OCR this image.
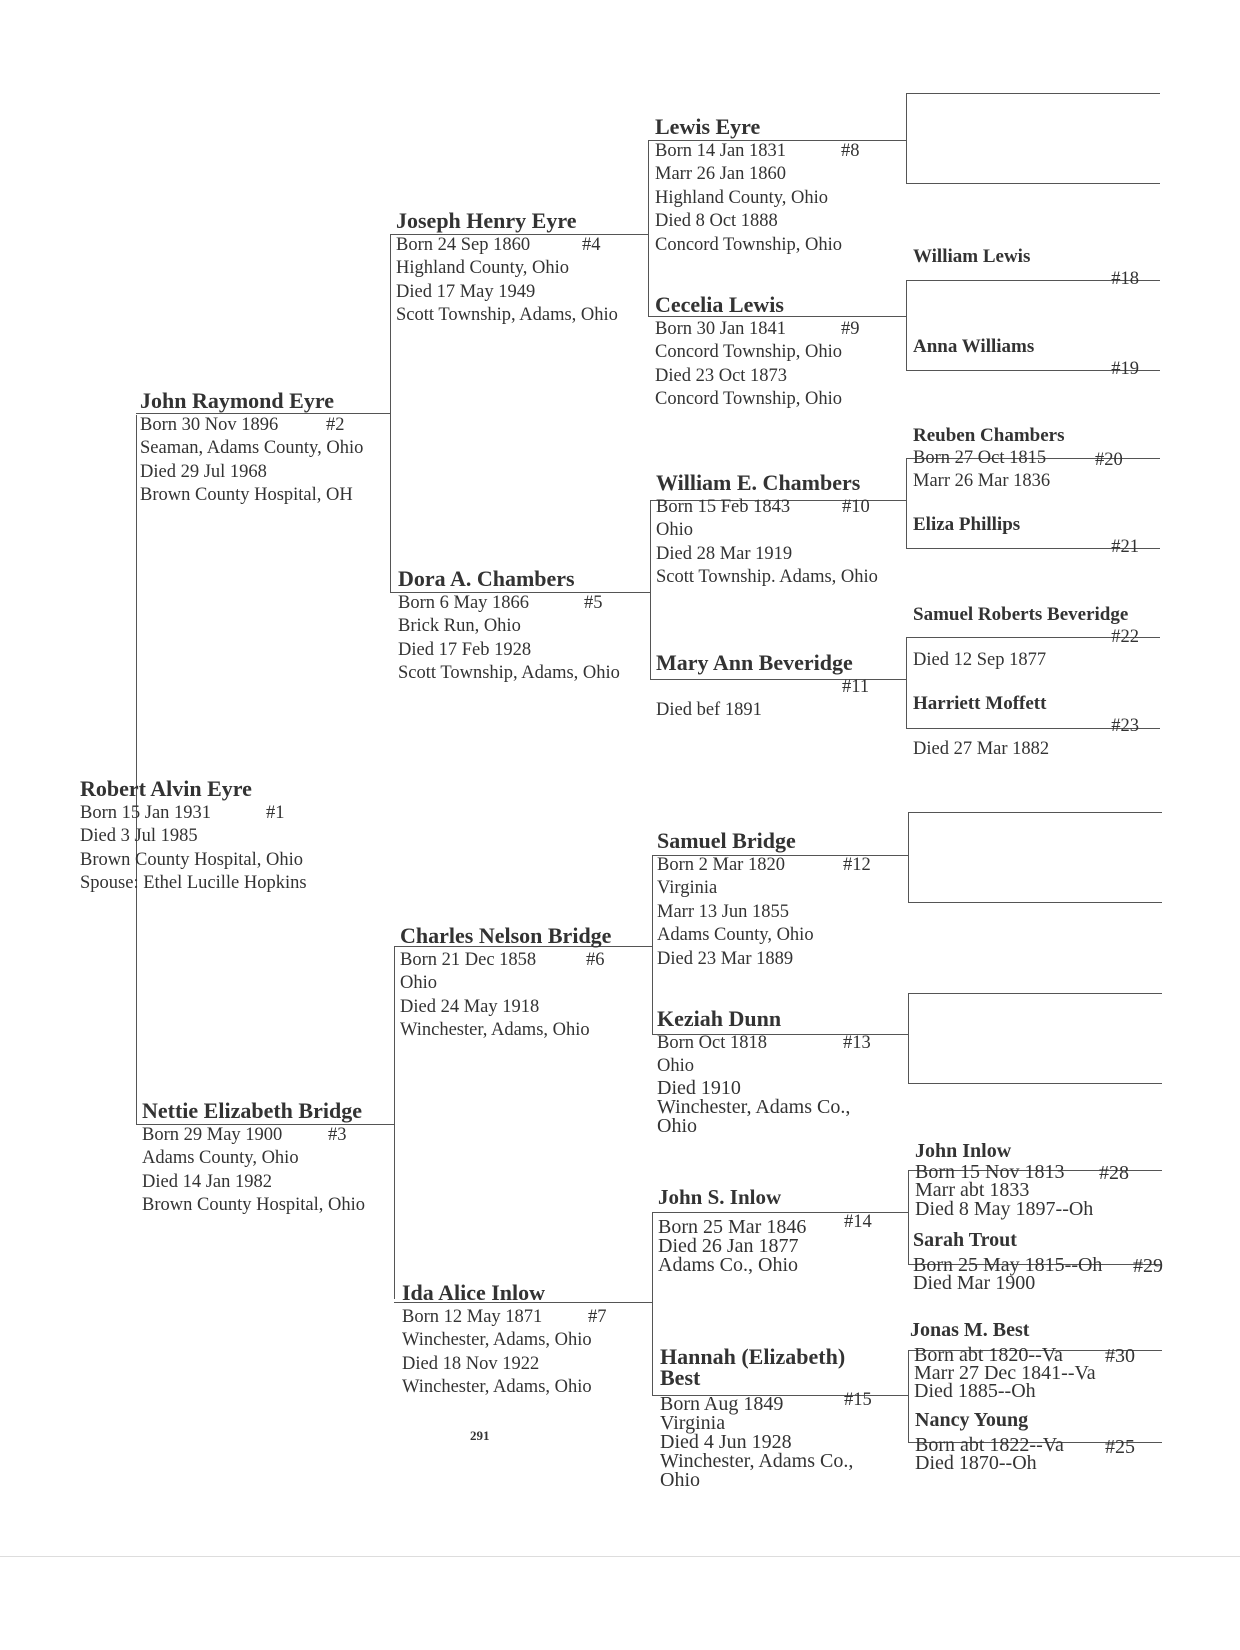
Robert Alvin Eyre
Born 15 Jan 1931	#1
Died 3 Jul 1985
Brown County Hospital, Ohio
Spouse: Ethel Lucille Hopkins
John Raymond Eyre
Born 30 Nov 1896	#2
Seaman, Adams County, Ohio
Died 29 Jul 1968
Brown County Hospital, OH
Nettie Elizabeth Bridge
Born 29 May 1900	#3
Adams County, Ohio
Died 14 Jan 1982
Brown County Hospital, Ohio
Joseph Henry Eyre
Born 24 Sep 1860	#4
Highland County, Ohio
Died 17 May 1949
Scott Township, Adams, Ohio
Dora A. Chambers
Born 6 May 1866	#5
Brick Run, Ohio
Died 17 Feb 1928
Scott Township, Adams, Ohio
Charles Nelson Bridge
Born 21 Dec 1858	#6
Ohio
Died 24 May 1918
Winchester, Adams, Ohio
Ida Alice Inlow
Born 12 May 1871	#7
Winchester, Adams, Ohio
Died 18 Nov 1922
Winchester, Adams, Ohio
291
Lewis Eyre
Born 14 Jan 1831	#8
Marr 26 Jan 1860
Highland County, Ohio
Died 8 Oct 1888
Concord Township, Ohio
Cecelia Lewis
Born 30 Jan 1841	#9
Concord Township, Ohio
Died 23 Oct 1873
Concord Township, Ohio
William E. Chambers
Born 15 Feb 1843	#10
Ohio
Died 28 Mar 1919
Scott Township. Adams, Ohio
Mary Ann Beveridge
#11
Died bef 1891
Samuel Bridge
Born 2 Mar 1820	#12
Virginia
Marr 13 Jun 1855
Adams County, Ohio
Died 23 Mar 1889
Keziah Dunn
Born Oct 1818	#13
Ohio
Died 1910
Winchester, Adams Co.,
Ohio
John S. Inlow
Born 25 Mar 1846 #14
Died 26 Jan 1877
Adams Co., Ohio
Hannah (Elizabeth)
Best
Born Aug 1849	#15
Virginia
Died 4 Jun 1928
Winchester, Adams Co.,
Ohio
William Lewis
#18
Anna Williams
#19
Reuben Chambers
Born 27 Oct 1815	#20
Marr 26 Mar 1836
Eliza Phillips
#21
Samuel Roberts Beveridge
#22
Died 12 Sep 1877
Harriett Moffett
#23
Died 27 Mar 1882
John Inlow
Born 15 Nov 1813	#28
Marr abt 1833
Died 8 May 1897--Oh
Sarah Trout
Born 25 May 1815--Oh	#29
Died Mar 1900
Jonas M. Best
Born abt 1820--Va	#30
Marr 27 Dec 1841--Va
Died 1885--Oh
Nancy Young
Born abt 1822--Va	#25
Died 1870--Oh
